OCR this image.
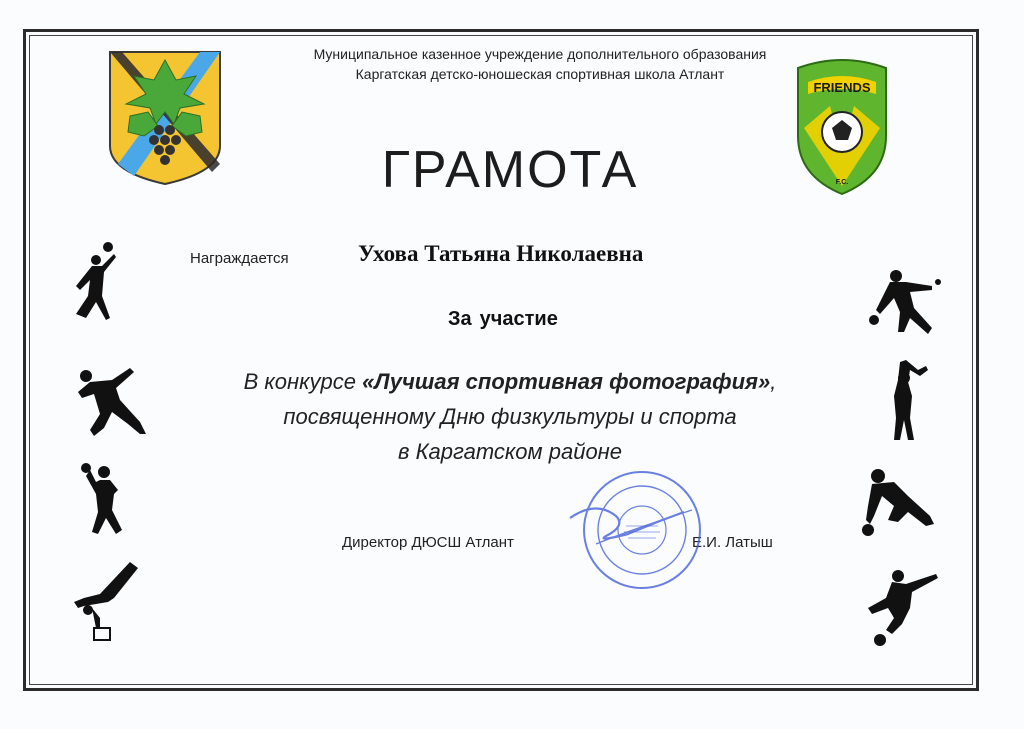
FRIENDS
F.C.
Муниципальное казенное учреждение дополнительного образования
Каргатская детско-юношеская спортивная школа Атлант
ГРАМОТА
Награждается	Ухова Татьяна Николаевна
За участие
В конкурсе «Лучшая спортивная фотография»,
посвященному Дню физкультуры и спорта
в Каргатском районе
Директор ДЮСШ Атлант	Е.И. Латыш
